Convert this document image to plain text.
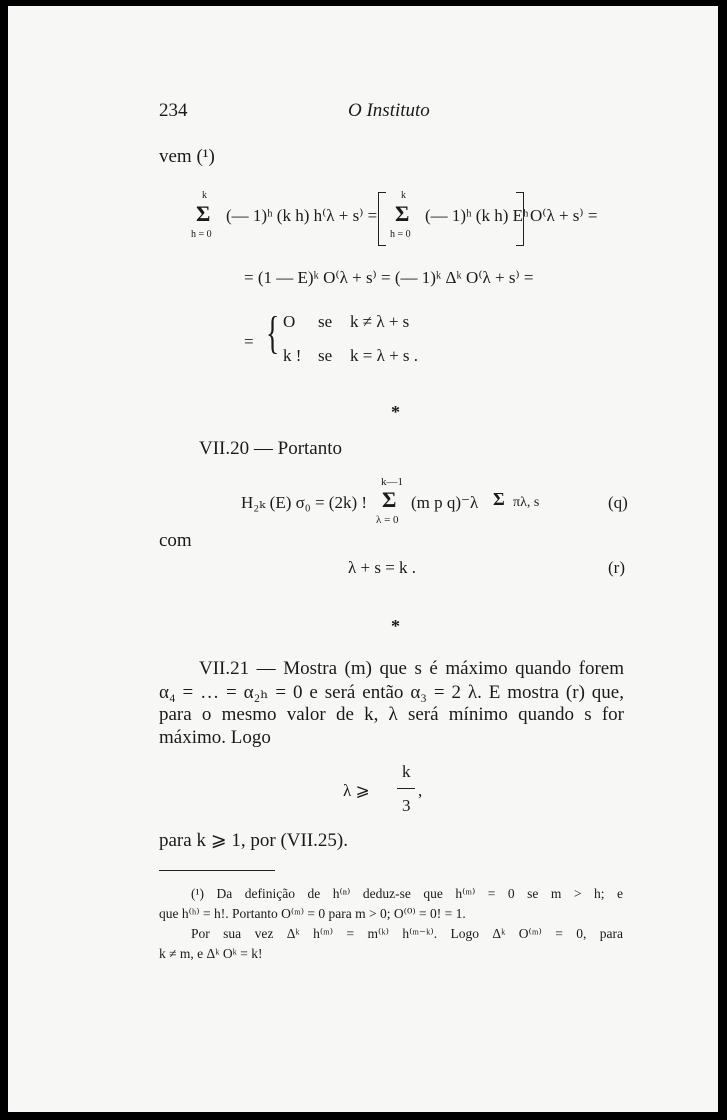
234	O Instituto
vem (¹)
k
Σ
h = 0
(— 1)ʰ (k h) h⁽λ + s⁾ =
k
Σ
h = 0
(— 1)ʰ (k h) Eʰ O⁽λ + s⁾ =
= (1 — E)ᵏ O⁽λ + s⁾ = (— 1)ᵏ Δᵏ O⁽λ + s⁾ =
= { O se k ≠ λ + s
k ! se k = λ + s .
*
VII.20 — Portanto
H₂ₖ (E) σ₀ = (2k) !
k—1
Σ
λ = 0
(m p q)⁻λ Σ πλ, s	(q)
com
λ + s = k .	(r)
*
VII.21 — Mostra (m) que s é máximo quando forem
α₄ = … = α₂ₕ = 0 e será então α₃ = 2 λ. E mostra (r) que,
para o mesmo valor de k, λ será mínimo quando s for
máximo. Logo
λ ⩾
k
3
,
para k ⩾ 1, por (VII.25).
(¹) Da definição de h⁽ⁿ⁾ deduz-se que h⁽ᵐ⁾ = 0 se m > h; e
que h⁽ʰ⁾ = h!. Portanto O⁽ᵐ⁾ = 0 para m > 0; O⁽⁰⁾ = 0! = 1.
Por sua vez Δᵏ h⁽ᵐ⁾ = m⁽ᵏ⁾ h⁽ᵐ⁻ᵏ⁾. Logo Δᵏ O⁽ᵐ⁾ = 0, para
k ≠ m, e Δᵏ Oᵏ = k!
